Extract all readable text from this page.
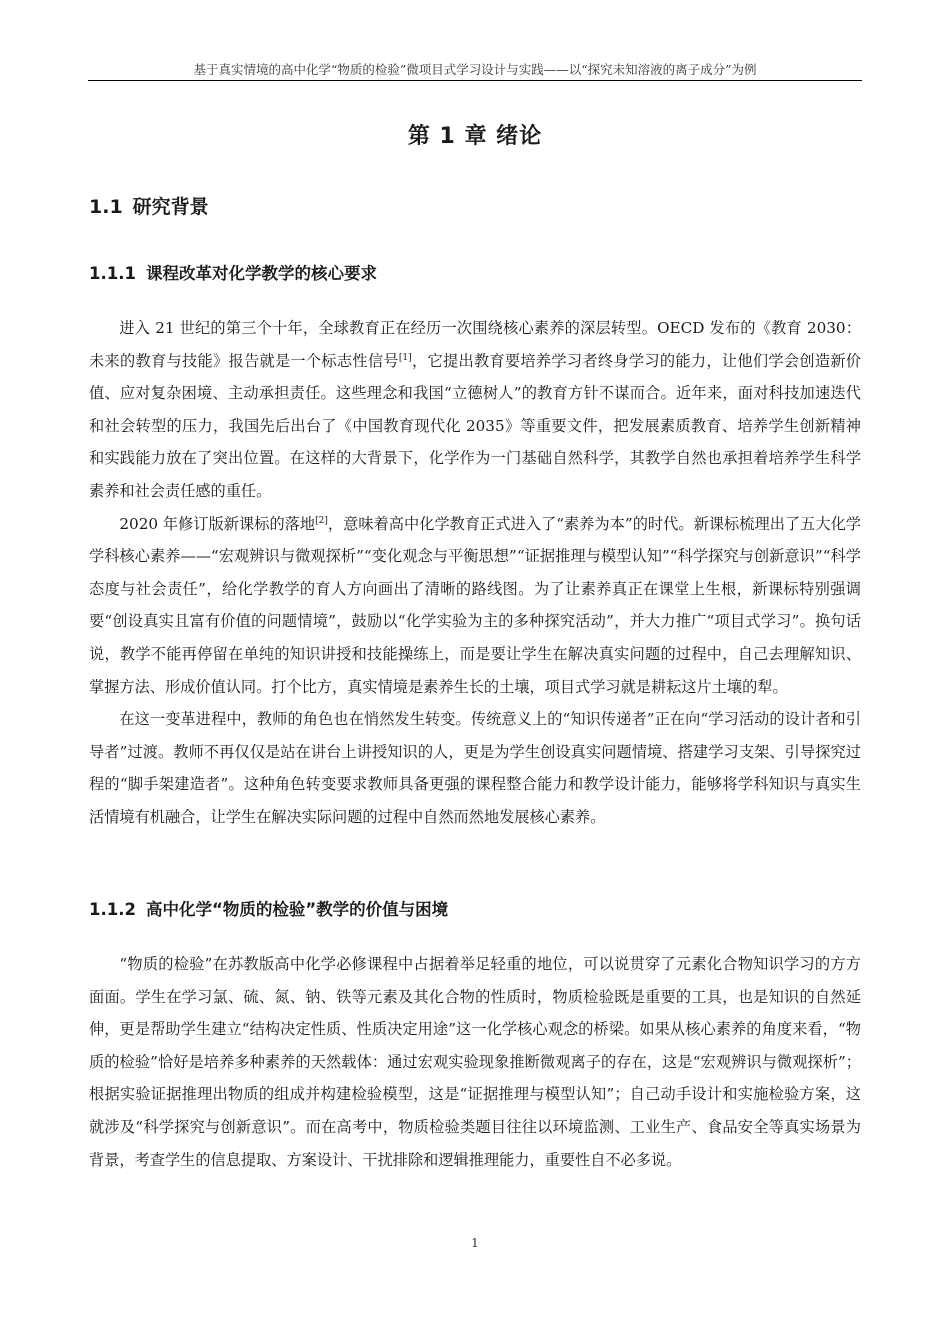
基于真实情境的高中化学“物质的检验”微项目式学习设计与实践——以“探究未知溶液的离子成分”为例
第 1 章 绪论
1.1 研究背景
1.1.1 课程改革对化学教学的核心要求

进入 21 世纪的第三个十年，全球教育正在经历一次围绕核心素养的深层转型。OECD 发布的《教育 2030：未来的教育与技能》报告就是一个标志性信号[1]，它提出教育要培养学习者终身学习的能力，让他们学会创造新价值、应对复杂困境、主动承担责任。这些理念和我国“立德树人”的教育方针不谋而合。近年来，面对科技加速迭代和社会转型的压力，我国先后出台了《中国教育现代化 2035》等重要文件，把发展素质教育、培养学生创新精神和实践能力放在了突出位置。在这样的大背景下，化学作为一门基础自然科学，其教学自然也承担着培养学生科学素养和社会责任感的重任。

2020 年修订版新课标的落地[2]，意味着高中化学教育正式进入了“素养为本”的时代。新课标梳理出了五大化学学科核心素养——“宏观辨识与微观探析”“变化观念与平衡思想”“证据推理与模型认知”“科学探究与创新意识”“科学态度与社会责任”，给化学教学的育人方向画出了清晰的路线图。为了让素养真正在课堂上生根，新课标特别强调要“创设真实且富有价值的问题情境”，鼓励以“化学实验为主的多种探究活动”，并大力推广“项目式学习”。换句话说，教学不能再停留在单纯的知识讲授和技能操练上，而是要让学生在解决真实问题的过程中，自己去理解知识、掌握方法、形成价值认同。打个比方，真实情境是素养生长的土壤，项目式学习就是耕耘这片土壤的犁。

在这一变革进程中，教师的角色也在悄然发生转变。传统意义上的“知识传递者”正在向“学习活动的设计者和引导者”过渡。教师不再仅仅是站在讲台上讲授知识的人，更是为学生创设真实问题情境、搭建学习支架、引导探究过程的“脚手架建造者”。这种角色转变要求教师具备更强的课程整合能力和教学设计能力，能够将学科知识与真实生活情境有机融合，让学生在解决实际问题的过程中自然而然地发展核心素养。

1.1.2 高中化学“物质的检验”教学的价值与困境

“物质的检验”在苏教版高中化学必修课程中占据着举足轻重的地位，可以说贯穿了元素化合物知识学习的方方面面。学生在学习氯、硫、氮、钠、铁等元素及其化合物的性质时，物质检验既是重要的工具，也是知识的自然延伸，更是帮助学生建立“结构决定性质、性质决定用途”这一化学核心观念的桥梁。如果从核心素养的角度来看，“物质的检验”恰好是培养多种素养的天然载体：通过宏观实验现象推断微观离子的存在，这是“宏观辨识与微观探析”；根据实验证据推理出物质的组成并构建检验模型，这是“证据推理与模型认知”；自己动手设计和实施检验方案，这就涉及“科学探究与创新意识”。而在高考中，物质检验类题目往往以环境监测、工业生产、食品安全等真实场景为背景，考查学生的信息提取、方案设计、干扰排除和逻辑推理能力，重要性自不必多说。

1
